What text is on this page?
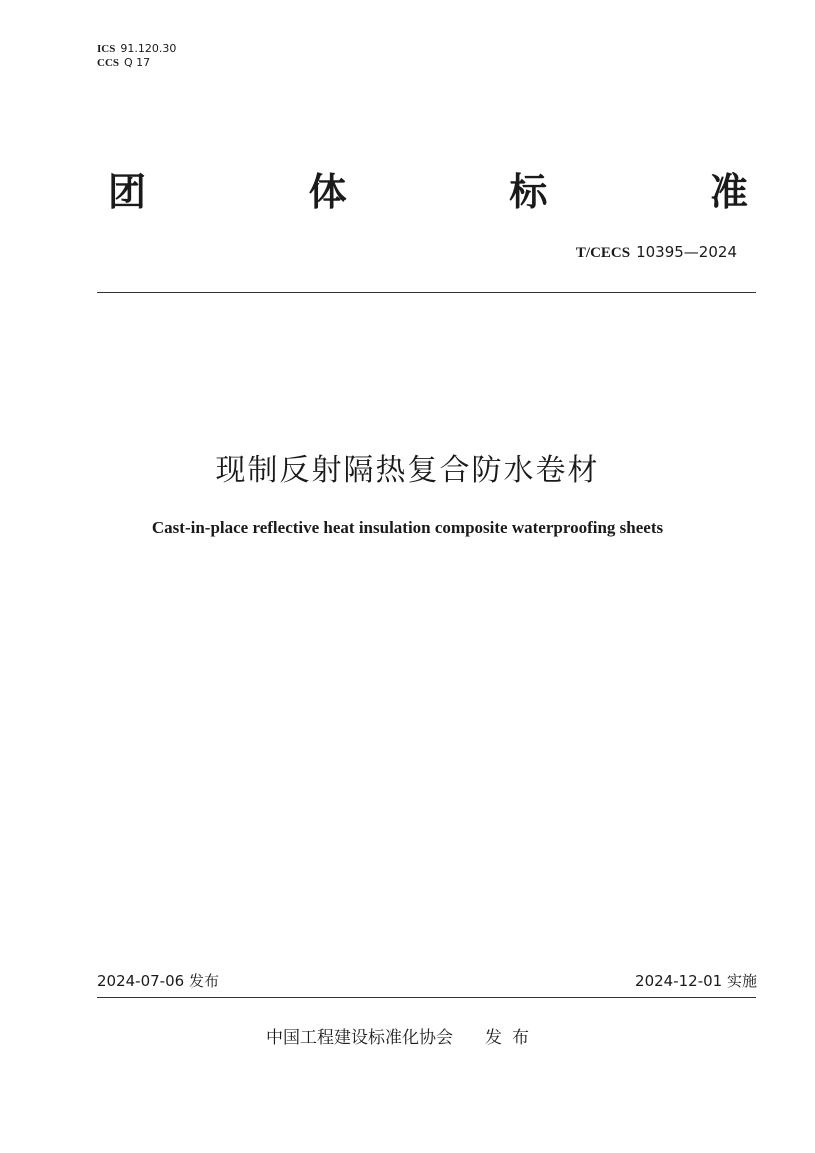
ICS 91.120.30
CCS Q 17
团	体	标	准
T/CECS 10395—2024
现制反射隔热复合防水卷材
Cast-in-place reflective heat insulation composite waterproofing sheets
2024-07-06 发布	2024-12-01 实施
中国工程建设标准化协会 发布
